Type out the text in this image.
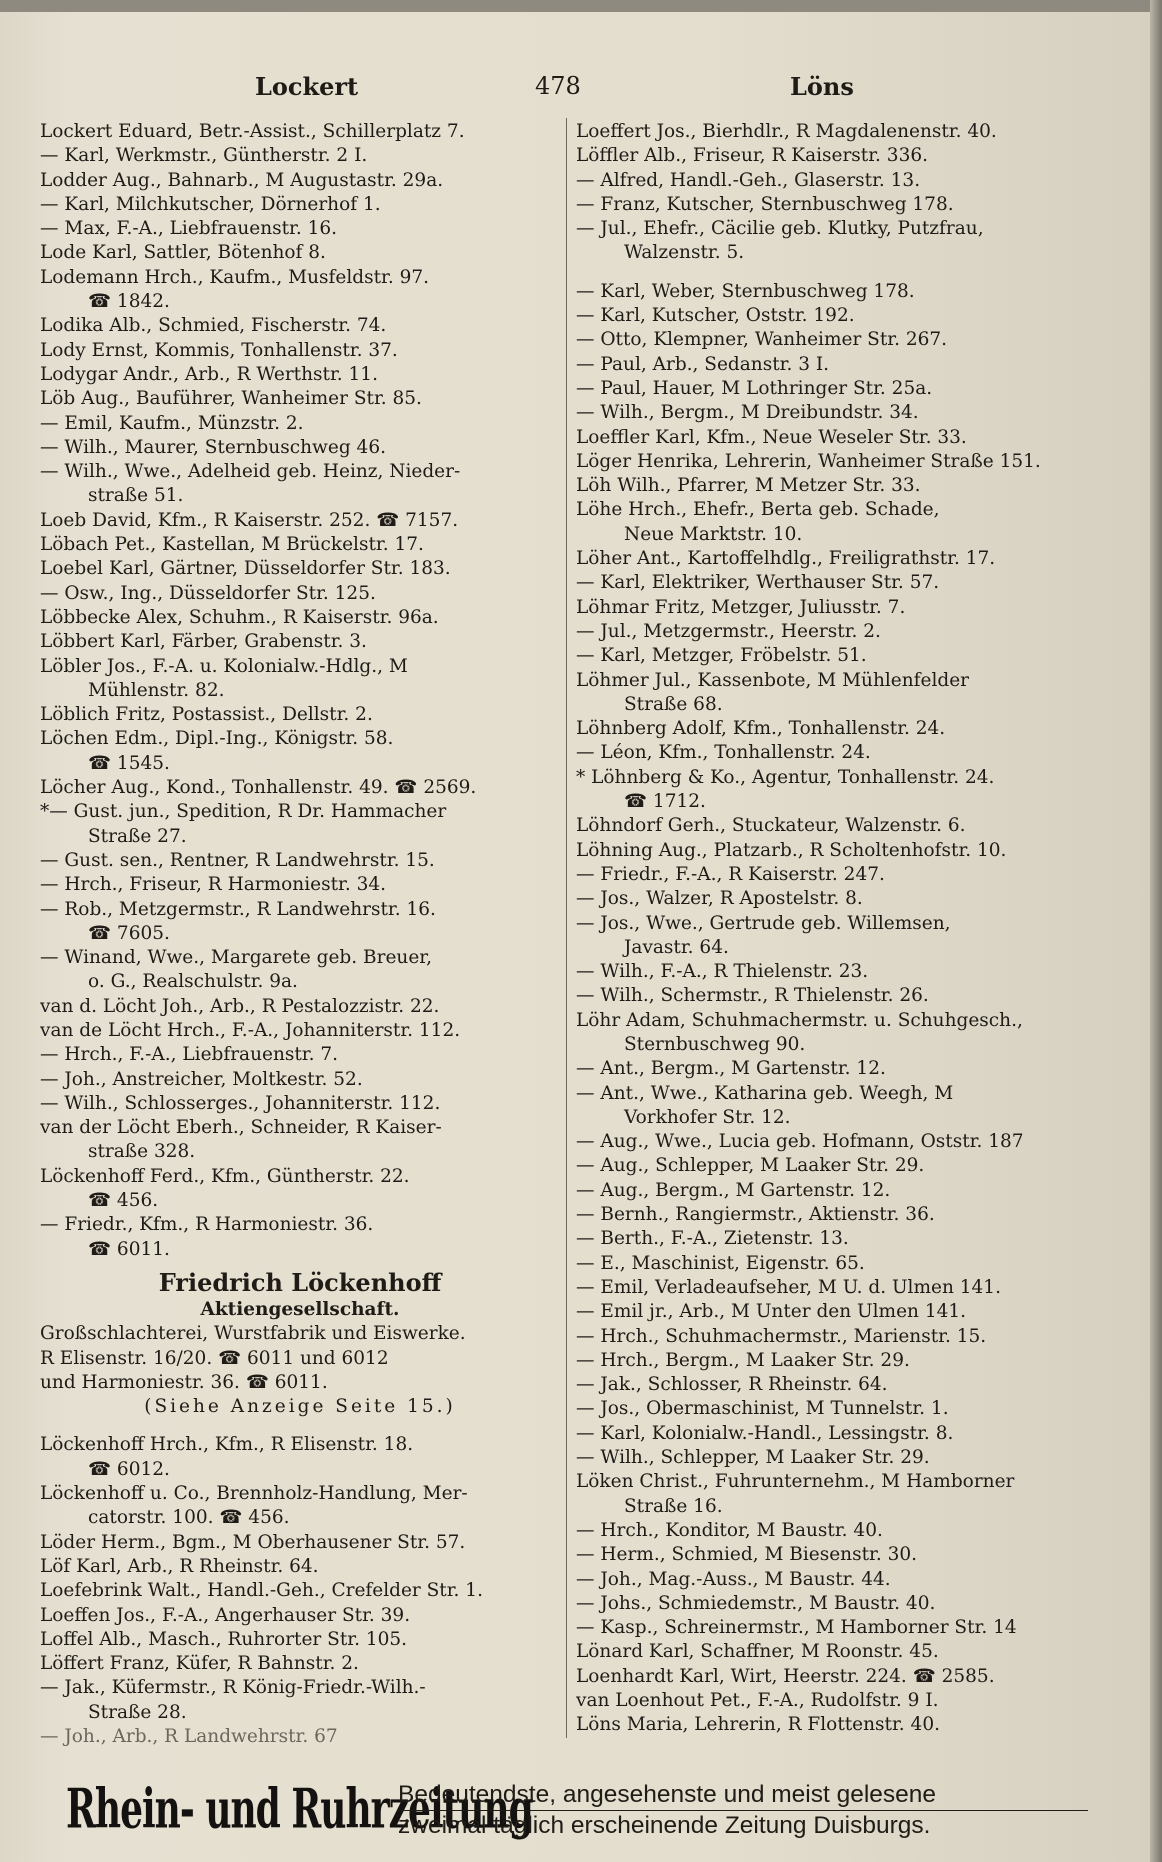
Lockert	478	Löns
Lockert Eduard, Betr.-Assist., Schillerplatz 7.
— Karl, Werkmstr., Güntherstr. 2 I.
Lodder Aug., Bahnarb., M Augustastr. 29a.
— Karl, Milchkutscher, Dörnerhof 1.
— Max, F.-A., Liebfrauenstr. 16.
Lode Karl, Sattler, Bötenhof 8.
Lodemann Hrch., Kaufm., Musfeldstr. 97.
☎ 1842.
Lodika Alb., Schmied, Fischerstr. 74.
Lody Ernst, Kommis, Tonhallenstr. 37.
Lodygar Andr., Arb., R Werthstr. 11.
Löb Aug., Bauführer, Wanheimer Str. 85.
— Emil, Kaufm., Münzstr. 2.
— Wilh., Maurer, Sternbuschweg 46.
— Wilh., Wwe., Adelheid geb. Heinz, Nieder-
straße 51.
Loeb David, Kfm., R Kaiserstr. 252. ☎ 7157.
Löbach Pet., Kastellan, M Brückelstr. 17.
Loebel Karl, Gärtner, Düsseldorfer Str. 183.
— Osw., Ing., Düsseldorfer Str. 125.
Löbbecke Alex, Schuhm., R Kaiserstr. 96a.
Löbbert Karl, Färber, Grabenstr. 3.
Löbler Jos., F.-A. u. Kolonialw.-Hdlg., M
Mühlenstr. 82.
Löblich Fritz, Postassist., Dellstr. 2.
Löchen Edm., Dipl.-Ing., Königstr. 58.
☎ 1545.
Löcher Aug., Kond., Tonhallenstr. 49. ☎ 2569.
*— Gust. jun., Spedition, R Dr. Hammacher
Straße 27.
— Gust. sen., Rentner, R Landwehrstr. 15.
— Hrch., Friseur, R Harmoniestr. 34.
— Rob., Metzgermstr., R Landwehrstr. 16.
☎ 7605.
— Winand, Wwe., Margarete geb. Breuer,
o. G., Realschulstr. 9a.
van d. Löcht Joh., Arb., R Pestalozzistr. 22.
van de Löcht Hrch., F.-A., Johanniterstr. 112.
— Hrch., F.-A., Liebfrauenstr. 7.
— Joh., Anstreicher, Moltkestr. 52.
— Wilh., Schlosserges., Johanniterstr. 112.
van der Löcht Eberh., Schneider, R Kaiser-
straße 328.
Löckenhoff Ferd., Kfm., Güntherstr. 22.
☎ 456.
— Friedr., Kfm., R Harmoniestr. 36.
☎ 6011.
Friedrich Löckenhoff
Aktiengesellschaft.
Großschlachterei, Wurstfabrik und Eiswerke.
R Elisenstr. 16/20. ☎ 6011 und 6012
und Harmoniestr. 36. ☎ 6011.
(Siehe Anzeige Seite 15.)
Löckenhoff Hrch., Kfm., R Elisenstr. 18.
☎ 6012.
Löckenhoff u. Co., Brennholz-Handlung, Mer-
catorstr. 100. ☎ 456.
Löder Herm., Bgm., M Oberhausener Str. 57.
Löf Karl, Arb., R Rheinstr. 64.
Loefebrink Walt., Handl.-Geh., Crefelder Str. 1.
Loeffen Jos., F.-A., Angerhauser Str. 39.
Loffel Alb., Masch., Ruhrorter Str. 105.
Löffert Franz, Küfer, R Bahnstr. 2.
— Jak., Küfermstr., R König-Friedr.-Wilh.-
Straße 28.
— Joh., Arb., R Landwehrstr. 67
Loeffert Jos., Bierhdlr., R Magdalenenstr. 40.
Löffler Alb., Friseur, R Kaiserstr. 336.
— Alfred, Handl.-Geh., Glaserstr. 13.
— Franz, Kutscher, Sternbuschweg 178.
— Jul., Ehefr., Cäcilie geb. Klutky, Putzfrau,
Walzenstr. 5.
— Karl, Weber, Sternbuschweg 178.
— Karl, Kutscher, Oststr. 192.
— Otto, Klempner, Wanheimer Str. 267.
— Paul, Arb., Sedanstr. 3 I.
— Paul, Hauer, M Lothringer Str. 25a.
— Wilh., Bergm., M Dreibundstr. 34.
Loeffler Karl, Kfm., Neue Weseler Str. 33.
Löger Henrika, Lehrerin, Wanheimer Straße 151.
Löh Wilh., Pfarrer, M Metzer Str. 33.
Löhe Hrch., Ehefr., Berta geb. Schade,
Neue Marktstr. 10.
Löher Ant., Kartoffelhdlg., Freiligrathstr. 17.
— Karl, Elektriker, Werthauser Str. 57.
Löhmar Fritz, Metzger, Juliusstr. 7.
— Jul., Metzgermstr., Heerstr. 2.
— Karl, Metzger, Fröbelstr. 51.
Löhmer Jul., Kassenbote, M Mühlenfelder
Straße 68.
Löhnberg Adolf, Kfm., Tonhallenstr. 24.
— Léon, Kfm., Tonhallenstr. 24.
* Löhnberg & Ko., Agentur, Tonhallenstr. 24.
☎ 1712.
Löhndorf Gerh., Stuckateur, Walzenstr. 6.
Löhning Aug., Platzarb., R Scholtenhofstr. 10.
— Friedr., F.-A., R Kaiserstr. 247.
— Jos., Walzer, R Apostelstr. 8.
— Jos., Wwe., Gertrude geb. Willemsen,
Javastr. 64.
— Wilh., F.-A., R Thielenstr. 23.
— Wilh., Schermstr., R Thielenstr. 26.
Löhr Adam, Schuhmachermstr. u. Schuhgesch.,
Sternbuschweg 90.
— Ant., Bergm., M Gartenstr. 12.
— Ant., Wwe., Katharina geb. Weegh, M
Vorkhofer Str. 12.
— Aug., Wwe., Lucia geb. Hofmann, Oststr. 187
— Aug., Schlepper, M Laaker Str. 29.
— Aug., Bergm., M Gartenstr. 12.
— Bernh., Rangiermstr., Aktienstr. 36.
— Berth., F.-A., Zietenstr. 13.
— E., Maschinist, Eigenstr. 65.
— Emil, Verladeaufseher, M U. d. Ulmen 141.
— Emil jr., Arb., M Unter den Ulmen 141.
— Hrch., Schuhmachermstr., Marienstr. 15.
— Hrch., Bergm., M Laaker Str. 29.
— Jak., Schlosser, R Rheinstr. 64.
— Jos., Obermaschinist, M Tunnelstr. 1.
— Karl, Kolonialw.-Handl., Lessingstr. 8.
— Wilh., Schlepper, M Laaker Str. 29.
Löken Christ., Fuhrunternehm., M Hamborner
Straße 16.
— Hrch., Konditor, M Baustr. 40.
— Herm., Schmied, M Biesenstr. 30.
— Joh., Mag.-Auss., M Baustr. 44.
— Johs., Schmiedemstr., M Baustr. 40.
— Kasp., Schreinermstr., M Hamborner Str. 14
Lönard Karl, Schaffner, M Roonstr. 45.
Loenhardt Karl, Wirt, Heerstr. 224. ☎ 2585.
van Loenhout Pet., F.-A., Rudolfstr. 9 I.
Löns Maria, Lehrerin, R Flottenstr. 40.
Rhein- und Ruhrzeitung
Bedeutendste, angesehenste und meist gelesene
zweimal täglich erscheinende Zeitung Duisburgs.
